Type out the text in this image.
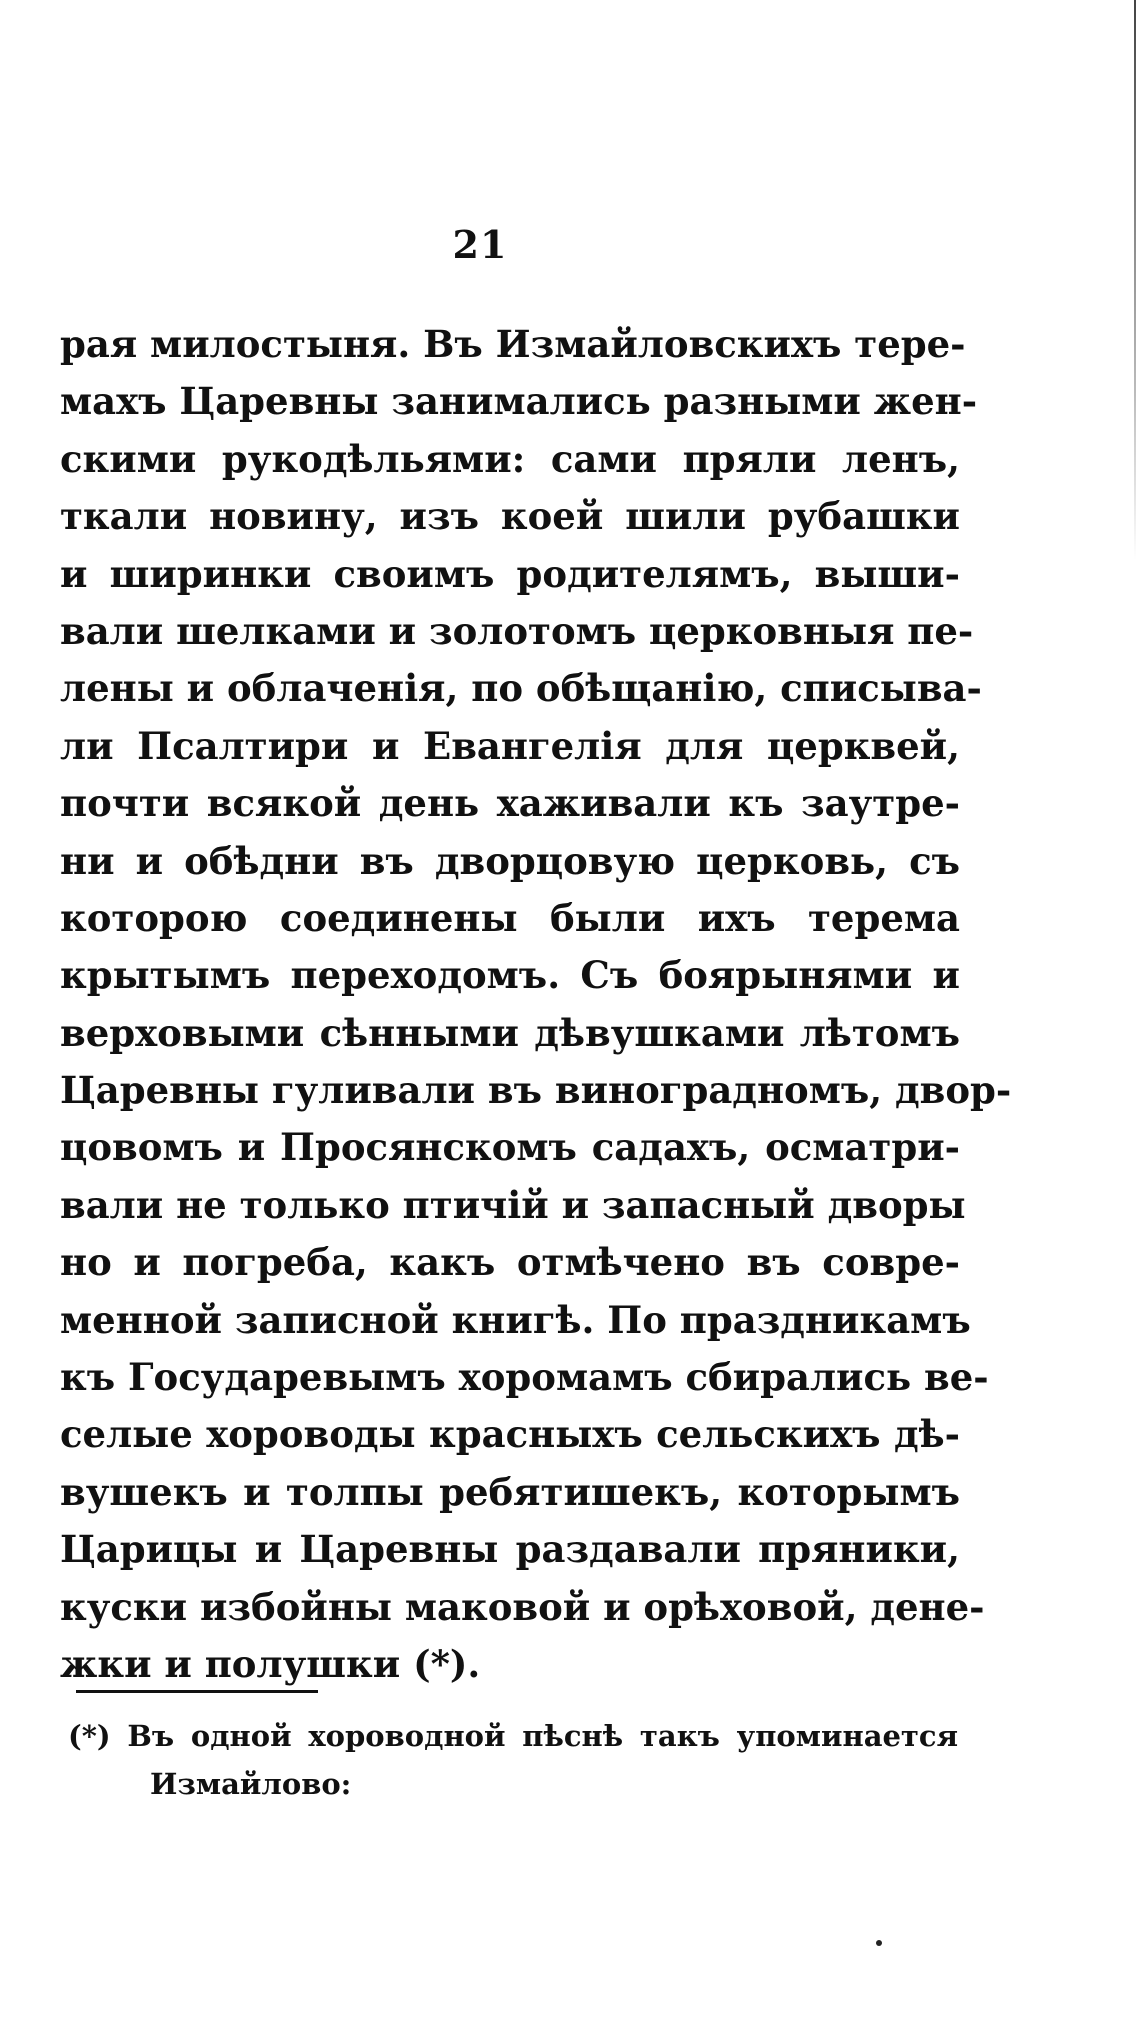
21
рая милостыня. Въ Измайловскихъ тере-
махъ Царевны занимались разными жен-
скими рукодѣльями: сами пряли ленъ,
ткали новину, изъ коей шили рубашки
и ширинки своимъ родителямъ, выши-
вали шелками и золотомъ церковныя пе-
лены и облаченія, по обѣщанію, списыва-
ли Псалтири и Евангелія для церквей,
почти всякой день хаживали къ заутре-
ни и обѣдни въ дворцовую церковь, съ
которою соединены были ихъ терема
крытымъ переходомъ. Съ боярынями и
верховыми сѣнными дѣвушками лѣтомъ
Царевны гуливали въ виноградномъ, двор-
цовомъ и Просянскомъ садахъ, осматри-
вали не только птичій и запасный дворы
но и погреба, какъ отмѣчено въ совре-
менной записной книгѣ. По праздникамъ
къ Государевымъ хоромамъ сбирались ве-
селые хороводы красныхъ сельскихъ дѣ-
вушекъ и толпы ребятишекъ, которымъ
Царицы и Царевны раздавали пряники,
куски избойны маковой и орѣховой, дене-
жки и полушки (*).
(*) Въ одной хороводной пѣснѣ такъ упоминается
Измайлово:
